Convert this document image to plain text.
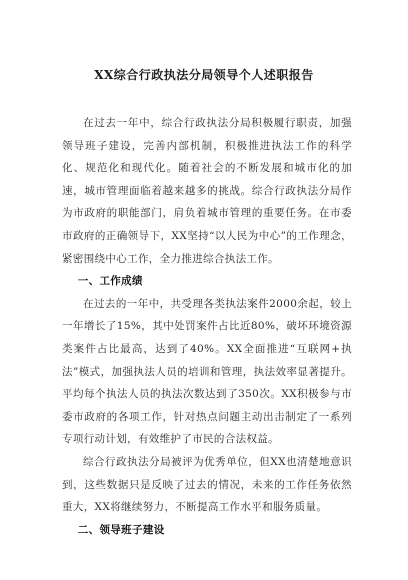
XX综合行政执法分局领导个人述职报告

在过去一年中，综合行政执法分局积极履行职责，加强领导班子建设，完善内部机制，积极推进执法工作的科学化、规范化和现代化。随着社会的不断发展和城市化的加速，城市管理面临着越来越多的挑战。综合行政执法分局作为市政府的职能部门，肩负着城市管理的重要任务。在市委市政府的正确领导下，XX坚持“以人民为中心”的工作理念，紧密围绕中心工作，全力推进综合执法工作。

一、工作成绩

在过去的一年中，共受理各类执法案件2000余起，较上一年增长了15%，其中处罚案件占比近80%，破坏环境资源类案件占比最高，达到了40%。XX全面推进“互联网+执法”模式，加强执法人员的培训和管理，执法效率显著提升。平均每个执法人员的执法次数达到了350次。XX积极参与市委市政府的各项工作，针对热点问题主动出击制定了一系列专项行动计划，有效维护了市民的合法权益。

综合行政执法分局被评为优秀单位，但XX也清楚地意识到，这些数据只是反映了过去的情况，未来的工作任务依然重大，XX将继续努力，不断提高工作水平和服务质量。

二、领导班子建设
